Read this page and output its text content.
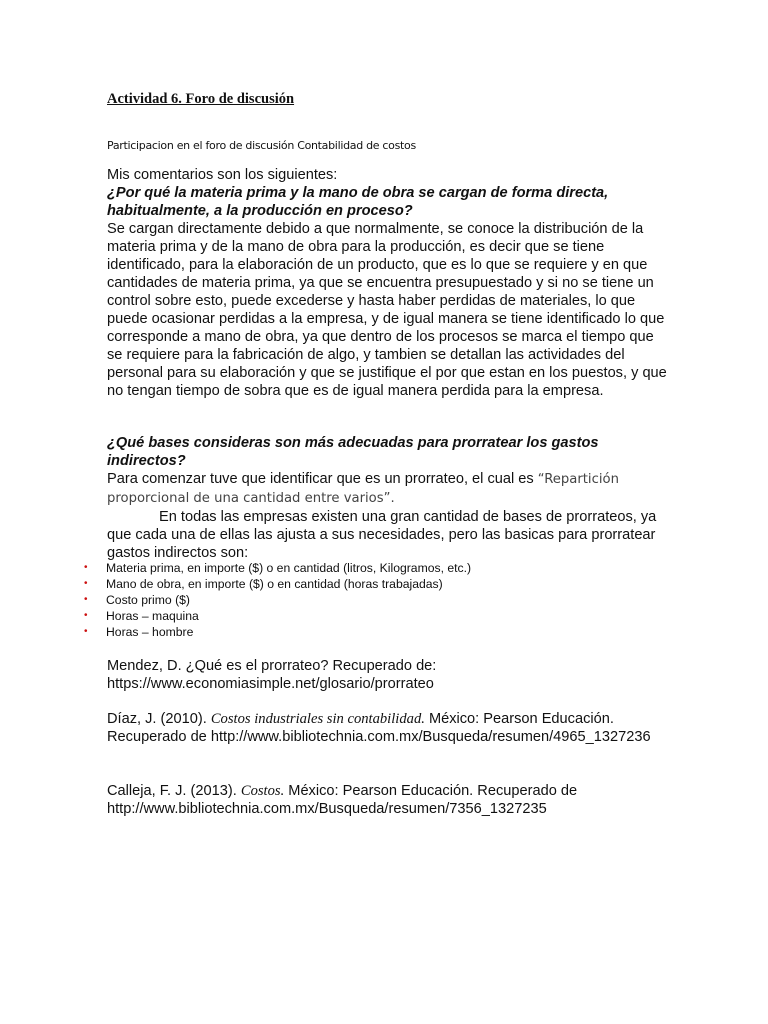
Actividad 6. Foro de discusión
Participacion en el foro de discusión Contabilidad de costos

Mis comentarios son los siguientes:

¿Por qué la materia prima y la mano de obra se cargan de forma directa, habitualmente, a la producción en proceso?

Se cargan directamente debido a que normalmente, se conoce la distribución de la materia prima y de la mano de obra para la producción, es decir que se tiene identificado, para la elaboración de un producto, que es lo que se requiere y en que cantidades de materia prima, ya que se encuentra presupuestado y si no se tiene un control sobre esto, puede excederse y hasta haber perdidas de materiales, lo que puede ocasionar perdidas a la empresa, y de igual manera se tiene identificado lo que corresponde a mano de obra, ya que dentro de los procesos se marca el tiempo que se requiere para la fabricación de algo, y tambien se detallan las actividades del personal para su elaboración y que se justifique el por que estan en los puestos, y que no tengan tiempo de sobra que es de igual manera perdida para la empresa.

¿Qué bases consideras son más adecuadas para prorratear los gastos indirectos?

Para comenzar tuve que identificar que es un prorrateo, el cual es “Repartición proporcional de una cantidad entre varios”.

En todas las empresas existen una gran cantidad de bases de prorrateos, ya que cada una de ellas las ajusta a sus necesidades, pero las basicas para prorratear gastos indirectos son:

• Materia prima, en importe ($) o en cantidad (litros, Kilogramos, etc.)
• Mano de obra, en importe ($) o en cantidad (horas trabajadas)
• Costo primo ($)
• Horas – maquina
• Horas – hombre

Mendez, D. ¿Qué es el prorrateo? Recuperado de: https://www.economiasimple.net/glosario/prorrateo

Díaz, J. (2010). Costos industriales sin contabilidad. México: Pearson Educación. Recuperado de http://www.bibliotechnia.com.mx/Busqueda/resumen/4965_1327236

Calleja, F. J. (2013). Costos. México: Pearson Educación. Recuperado de http://www.bibliotechnia.com.mx/Busqueda/resumen/7356_1327235
